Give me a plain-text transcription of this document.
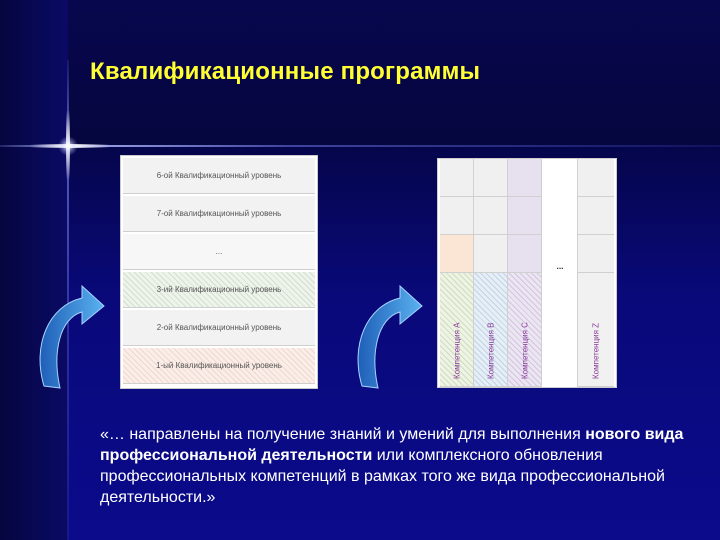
Квалификационные программы
6-ой Квалификационный уровень
7-ой Квалификационный уровень
...
3-ий Квалификационный уровень
2-ой Квалификационный уровень
1-ый Квалификационный уровень	Компетенция А	Компетенция B	Компетенция C	Компетенция Z
...
«… направлены на получение знаний и умений для выполнения нового вида профессиональной деятельности или комплексного обновления профессиональных компетенций в рамках того же вида профессиональной деятельности.»
